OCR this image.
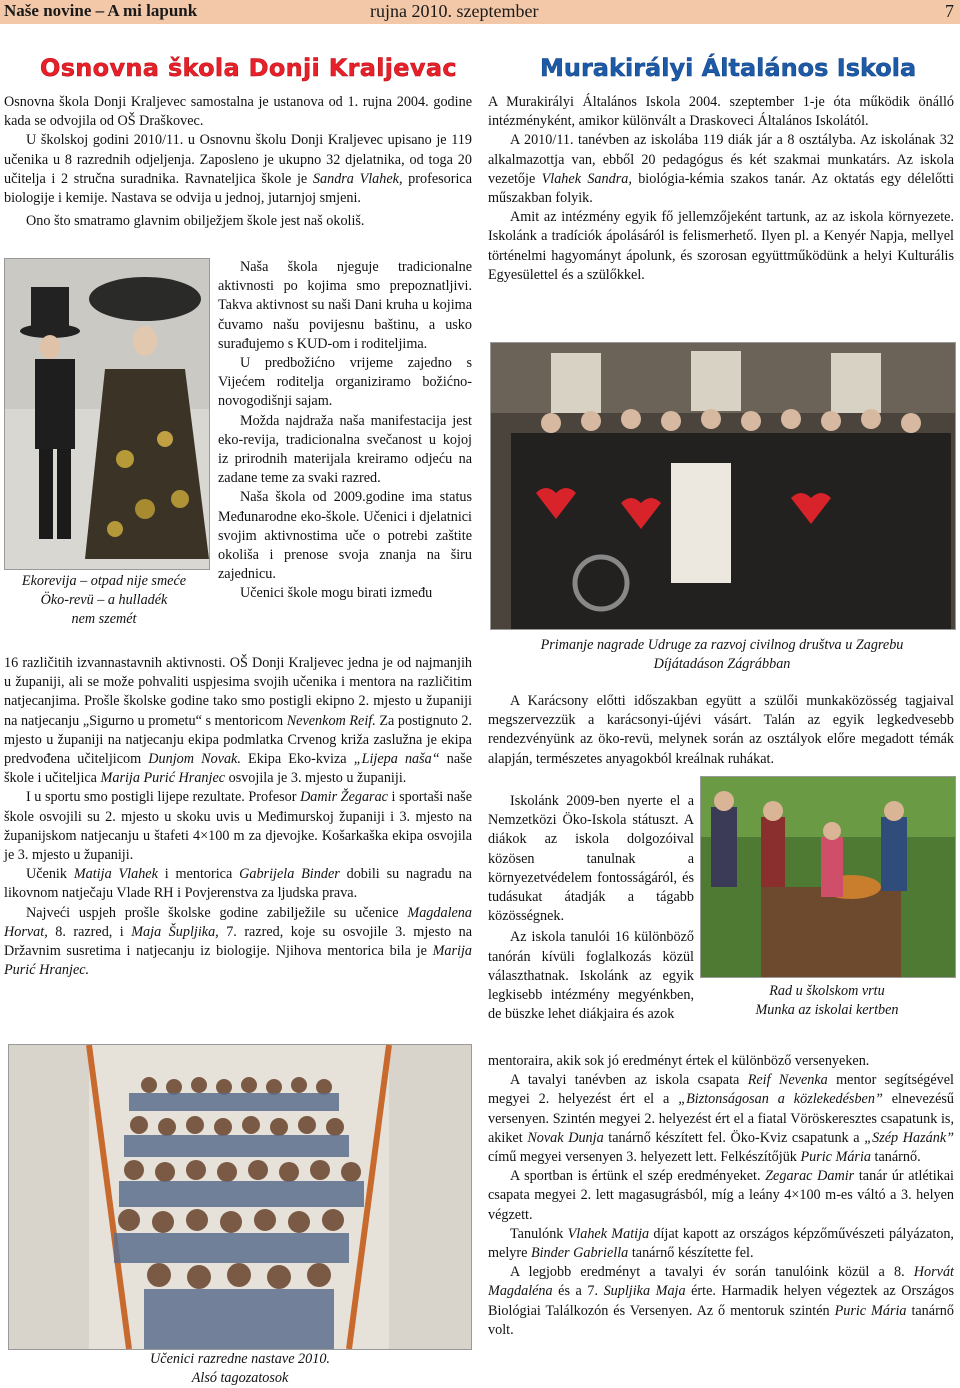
Naše novine – A mi lapunk	rujna 2010. szeptember	7
Osnovna škola Donji Kraljevac

Osnovna škola Donji Kraljevec samostalna je ustanova od 1. rujna 2004. godine kada se odvojila od OŠ Draškovec.

U školskoj godini 2010/11. u Osnovnu školu Donji Kraljevec upisano je 119 učenika u 8 razrednih odjeljenja. Zaposleno je ukupno 32 djelatnika, od toga 20 učitelja i 2 stručna suradnika. Ravnateljica škole je Sandra Vlahek, profesorica biologije i kemije. Nastava se odvija u jednoj, jutarnjoj smjeni.

Ono što smatramo glavnim obilježjem škole jest naš okoliš.

Ekorevija – otpad nije smeće
Öko-revü – a hulladék
nem szemét

Naša škola njeguje tradicionalne aktivnosti po kojima smo prepoznatljivi. Takva aktivnost su naši Dani kruha u kojima čuvamo našu povijesnu baštinu, a usko surađujemo s KUD-om i roditeljima.

U predbožićno vrijeme zajedno s Vijećem roditelja organiziramo božićno-novogodišnji sajam.

Možda najdraža naša manifestacija jest eko-revija, tradicionalna svečanost u kojoj iz prirodnih materijala kreiramo odjeću na zadane teme za svaki razred.

Naša škola od 2009.godine ima status Međunarodne eko-škole. Učenici i djelatnici svojim aktivnostima uče o potrebi zaštite okoliša i prenose svoja znanja na širu zajednicu.

Učenici škole mogu birati između

16 različitih izvannastavnih aktivnosti. OŠ Donji Kraljevec jedna je od najmanjih u županiji, ali se može pohvaliti uspjesima svojih učenika i mentora na različitim natjecanjima. Prošle školske godine tako smo postigli ekipno 2. mjesto u županiji na natjecanju „Sigurno u prometu“ s mentoricom Nevenkom Reif. Za postignuto 2. mjesto u županiji na natjecanju ekipa podmlatka Crvenog križa zaslužna je ekipa predvođena učiteljicom Dunjom Novak. Ekipa Eko-kviza „Lijepa naša“ naše škole i učiteljica Marija Purić Hranjec osvojila je 3. mjesto u županiji.

I u sportu smo postigli lijepe rezultate. Profesor Damir Žegarac i sportaši naše škole osvojili su 2. mjesto u skoku uvis u Međimurskoj županiji i 3. mjesto na županijskom natjecanju u štafeti 4×100 m za djevojke. Košarkaška ekipa osvojila je 3. mjesto u županiji.

Učenik Matija Vlahek i mentorica Gabrijela Binder dobili su nagradu na likovnom natječaju Vlade RH i Povjerenstva za ljudska prava.

Najveći uspjeh prošle školske godine zabilježile su učenice Magdalena Horvat, 8. razred, i Maja Šupljika, 7. razred, koje su osvojile 3. mjesto na Državnim susretima i natjecanju iz biologije. Njihova mentorica bila je Marija Purić Hranjec.

Učenici razredne nastave 2010.
Alsó tagozatosok
Murakirályi Általános Iskola

A Murakirályi Általános Iskola 2004. szeptember 1-je óta működik önálló intézményként, amikor különvált a Draskoveci Általános Iskolától.

A 2010/11. tanévben az iskolába 119 diák jár a 8 osztályba. Az iskolának 32 alkalmazottja van, ebből 20 pedagógus és két szakmai munkatárs. Az iskola vezetője Vlahek Sandra, biológia-kémia szakos tanár. Az oktatás egy délelőtti műszakban folyik.

Amit az intézmény egyik fő jellemzőjeként tartunk, az az iskola környezete. Iskolánk a tradíciók ápolásáról is felismerhető. Ilyen pl. a Kenyér Napja, mellyel történelmi hagyományt ápolunk, és szorosan együttműködünk a helyi Kulturális Egyesülettel és a szülőkkel.

Primanje nagrade Udruge za razvoj civilnog društva u Zagrebu
Díjátadáson Zágrábban

A Karácsony előtti időszakban együtt a szülői munkaközösség tagjaival megszervezzük a karácsonyi-újévi vásárt. Talán az egyik legkedvesebb rendezvényünk az öko-revü, melynek során az osztályok előre megadott témák alapján, természetes anyagokból kreálnak ruhákat.

Iskolánk 2009-ben nyerte el a Nemzetközi Öko-Iskola státuszt. A diákok az iskola dolgozóival közösen tanulnak a környezetvédelem fontosságáról, és tudásukat átadják a tágabb közösségnek.

Az iskola tanulói 16 különböző tanórán kívüli foglalkozás közül választhatnak. Iskolánk az egyik legkisebb intézmény megyénkben, de büszke lehet diákjaira és azok

Rad u školskom vrtu
Munka az iskolai kertben

mentoraira, akik sok jó eredményt értek el különböző versenyeken.

A tavalyi tanévben az iskola csapata Reif Nevenka mentor segítségével megyei 2. helyezést ért el a „Biztonságosan a közlekedésben” elnevezésű versenyen. Szintén megyei 2. helyezést ért el a fiatal Vöröskeresztes csapatunk is, akiket Novak Dunja tanárnő készített fel. Öko-Kviz csapatunk a „Szép Hazánk” című megyei versenyen 3. helyezett lett. Felkészítőjük Puric Mária tanárnő.

A sportban is értünk el szép eredményeket. Zegarac Damir tanár úr atlétikai csapata megyei 2. lett magasugrásból, míg a leány 4×100 m-es váltó a 3. helyen végzett.

Tanulónk Vlahek Matija díjat kapott az országos képzőművészeti pályázaton, melyre Binder Gabriella tanárnő készítette fel.

A legjobb eredményt a tavalyi év során tanulóink közül a 8. Horvát Magdaléna és a 7. Supljika Maja érte. Harmadik helyen végeztek az Országos Biológiai Találkozón és Versenyen. Az ő mentoruk szintén Puric Mária tanárnő volt.
